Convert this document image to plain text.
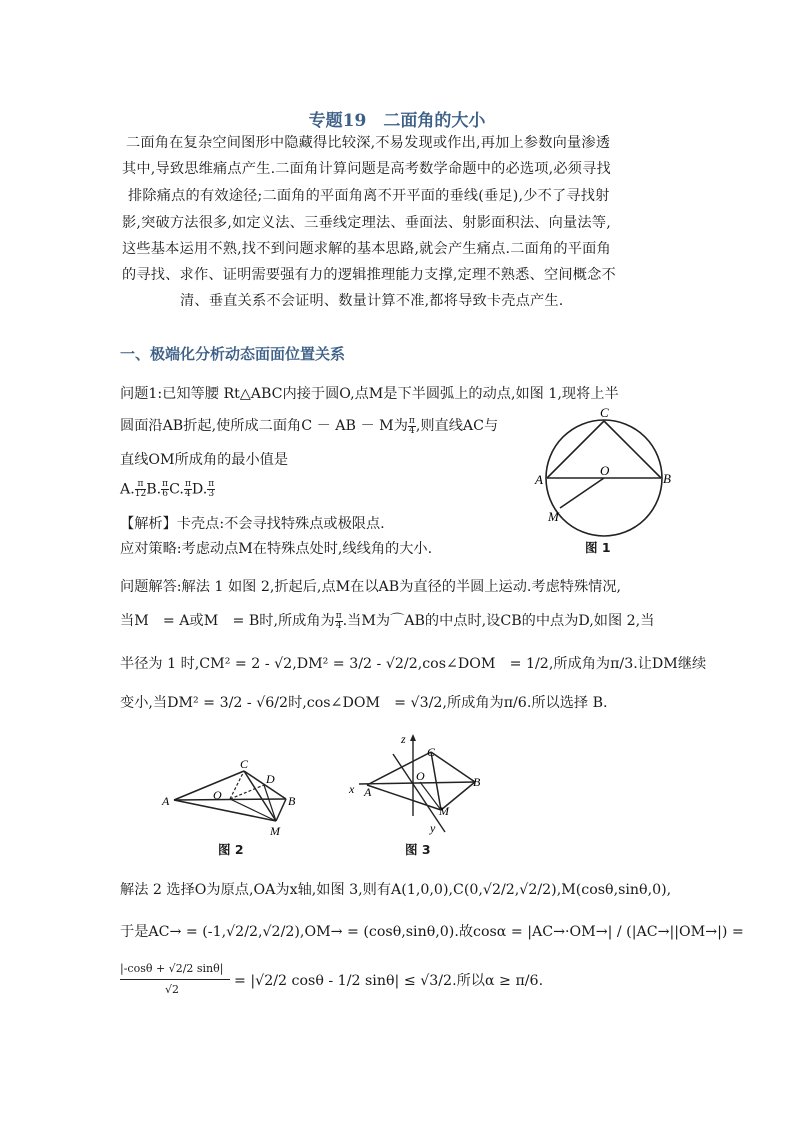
专题19　二面角的大小
二面角在复杂空间图形中隐藏得比较深,不易发现或作出,再加上参数向量渗透
其中,导致思维痛点产生.二面角计算问题是高考数学命题中的必选项,必须寻找
排除痛点的有效途径;二面角的平面角离不开平面的垂线(垂足),少不了寻找射
影,突破方法很多,如定义法、三垂线定理法、垂面法、射影面积法、向量法等,
这些基本运用不熟,找不到问题求解的基本思路,就会产生痛点.二面角的平面角
的寻找、求作、证明需要强有力的逻辑推理能力支撑,定理不熟悉、空间概念不
清、垂直关系不会证明、数量计算不准,都将导致卡壳点产生.
一、极端化分析动态面面位置关系
问题1:已知等腰 Rt△ABC内接于圆O,点M是下半圆弧上的动点,如图 1,现将上半
圆面沿AB折起,使所成二面角C － AB － M为 $\frac{\pi}{4}$ ,则直线AC与
直线OM所成角的最小值是
A. $\frac{\pi}{12} B$. $\frac{\pi}{6} C$. $\frac{\pi}{4} D$. $\frac{\pi}{3}$
【解析】卡壳点:不会寻找特殊点或极限点.
应对策略:考虑动点M在特殊点处时,线线角的大小.
C
A	B
O
M
图 1
问题解答:解法 1 如图 2,折起后,点M在以AB为直径的半圆上运动.考虑特殊情况,
当M　= A或M　= B时,所成角为 $\frac{\pi}{4}$ .当M为⌒AB的中点时,设CB的中点为D,如图 2,当
半径为 1 时,CM² = 2 - √2,DM² = 3/2 - √2/2,cos∠DOM　= 1/2,所成角为π/3.让DM继续
变小,当DM² = 3/2 - √6/2时,cos∠DOM　= √3/2,所成角为π/6.所以选择 B.
C
D
A	O	B
M
图 2
z
C
O
x A
B
M
y
图 3
解法 2 选择O为原点,OA为x轴,如图 3,则有A(1,0,0),C(0,√2/2,√2/2),M(cosθ,sinθ,0),
于是AC→ = (-1,√2/2,√2/2),OM→ = (cosθ,sinθ,0).故cosα = |AC→·OM→| / (|AC→||OM→|) =
|-cosθ + √2/2 sinθ|
√2
= |√2/2 cosθ - 1/2 sinθ| ≤ √3/2.所以α ≥ π/6.
